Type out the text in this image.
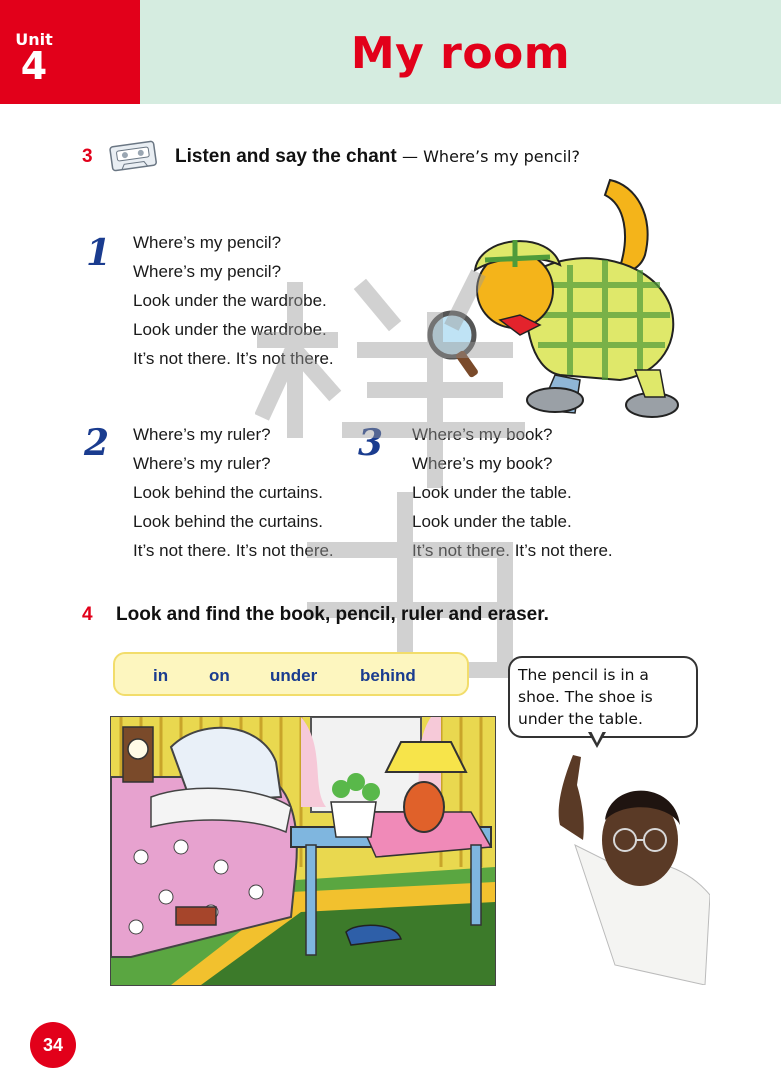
Unit
4	My room
3	Listen and say the chant — Where’s my pencil?
1 Where’s my pencil?
Where’s my pencil?
Look under the wardrobe.
Look under the wardrobe.
It’s not there. It’s not there.
2 Where’s my ruler?
Where’s my ruler?
Look behind the curtains.
Look behind the curtains.
It’s not there. It’s not there.
3 Where’s my book?
Where’s my book?
Look under the table.
Look under the table.
It’s not there. It’s not there.
4 Look and find the book, pencil, ruler and eraser.
in on under	behind	The pencil is in a shoe. The shoe is under the table.
34
